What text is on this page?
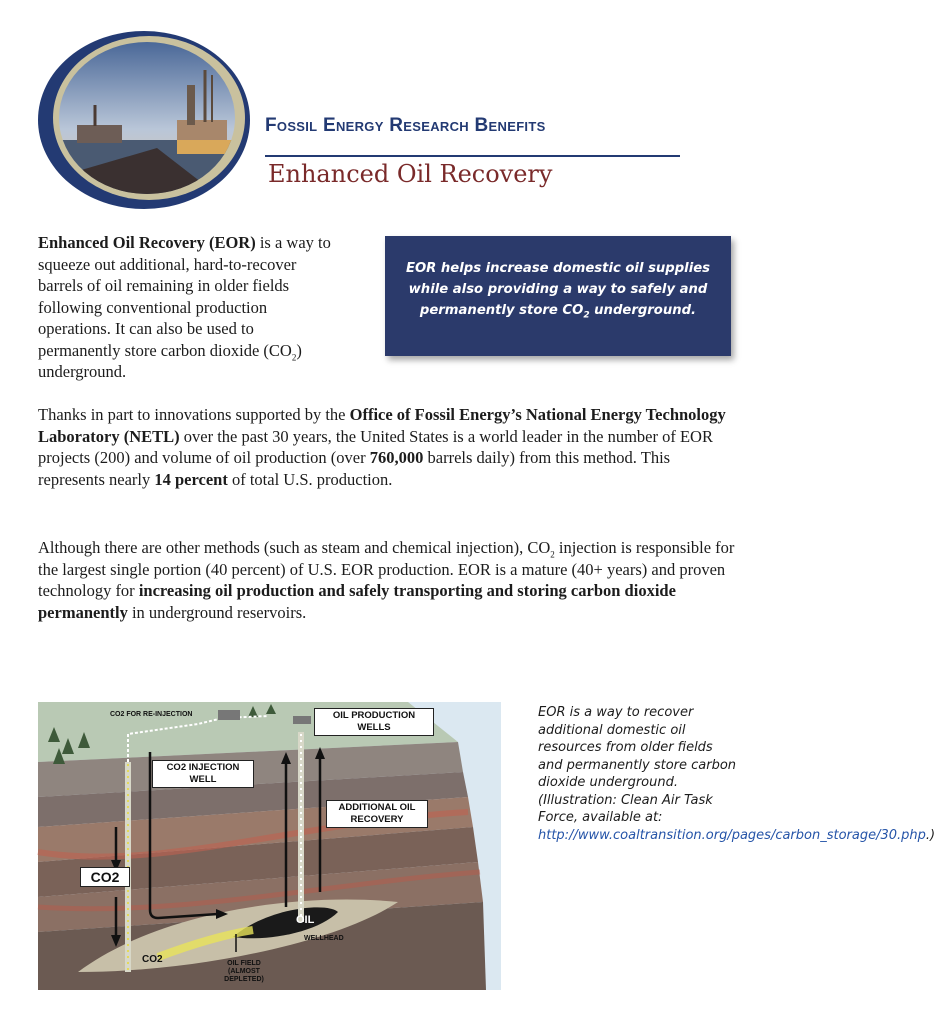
Fossil Energy Research Benefits
Enhanced Oil Recovery
Enhanced Oil Recovery (EOR) is a way to squeeze out additional, hard-to-recover barrels of oil remaining in older fields following conventional production operations. It can also be used to permanently store carbon dioxide $(CO_2)$ underground.
EOR helps increase domestic oil supplies while also providing a way to safely and permanently store $CO_2$ underground.
Thanks in part to innovations supported by the Office of Fossil Energy’s National Energy Technology Laboratory (NETL) over the past 30 years, the United States is a world leader in the number of EOR projects (200) and volume of oil production (over 760,000 barrels daily) from this method. This represents nearly 14 percent of total U.S. production.
Although there are other methods (such as steam and chemical injection), $CO_2$ injection is responsible for the largest single portion (40 percent) of U.S. EOR production. EOR is a mature (40+ years) and proven technology for increasing oil production and safely transporting and storing carbon dioxide permanently in underground reservoirs.
CO2 FOR RE-INJECTION	OIL PRODUCTION WELLS
CO2 INJECTION WELL
ADDITIONAL OIL RECOVERY
CO2
OIL
WELLHEAD
CO2	OIL FIELD (ALMOST DEPLETED)
EOR is a way to recover additional domestic oil resources from older fields and permanently store carbon dioxide underground. (Illustration: Clean Air Task Force, available at: http://www.coaltransition.org/pages/carbon_storage/30.php.)
